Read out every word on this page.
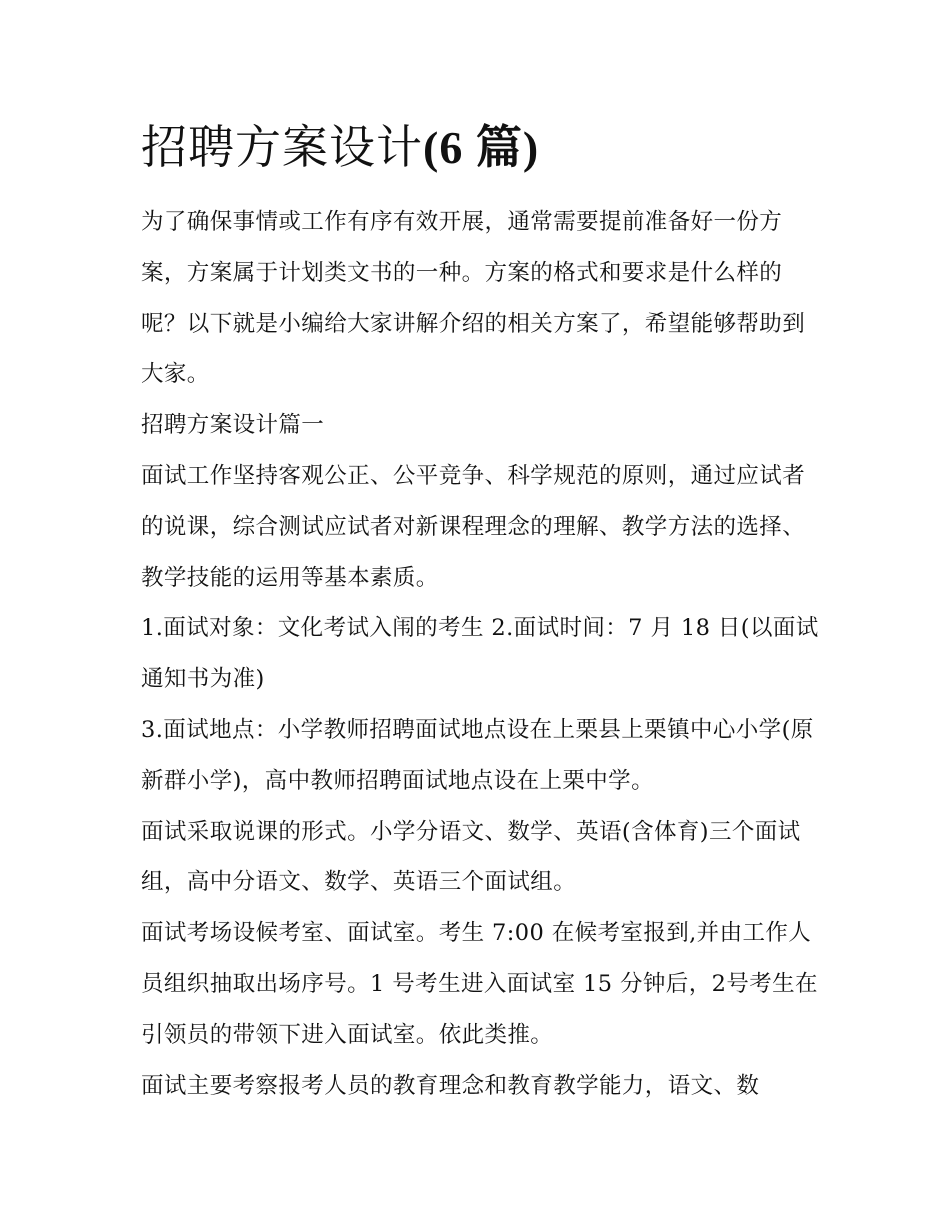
招聘方案设计(6 篇)

为了确保事情或工作有序有效开展，通常需要提前准备好一份方案，方案属于计划类文书的一种。方案的格式和要求是什么样的呢？以下就是小编给大家讲解介绍的相关方案了，希望能够帮助到大家。

招聘方案设计篇一

面试工作坚持客观公正、公平竞争、科学规范的原则，通过应试者的说课，综合测试应试者对新课程理念的理解、教学方法的选择、教学技能的运用等基本素质。

1.面试对象：文化考试入闱的考生 2.面试时间：7 月 18 日(以面试通知书为准)

3.面试地点：小学教师招聘面试地点设在上栗县上栗镇中心小学(原新群小学)，高中教师招聘面试地点设在上栗中学。

面试采取说课的形式。小学分语文、数学、英语(含体育)三个面试组，高中分语文、数学、英语三个面试组。

面试考场设候考室、面试室。考生 7:00 在候考室报到,并由工作人员组织抽取出场序号。1 号考生进入面试室 15 分钟后，2号考生在引领员的带领下进入面试室。依此类推。

面试主要考察报考人员的教育理念和教育教学能力，语文、数
